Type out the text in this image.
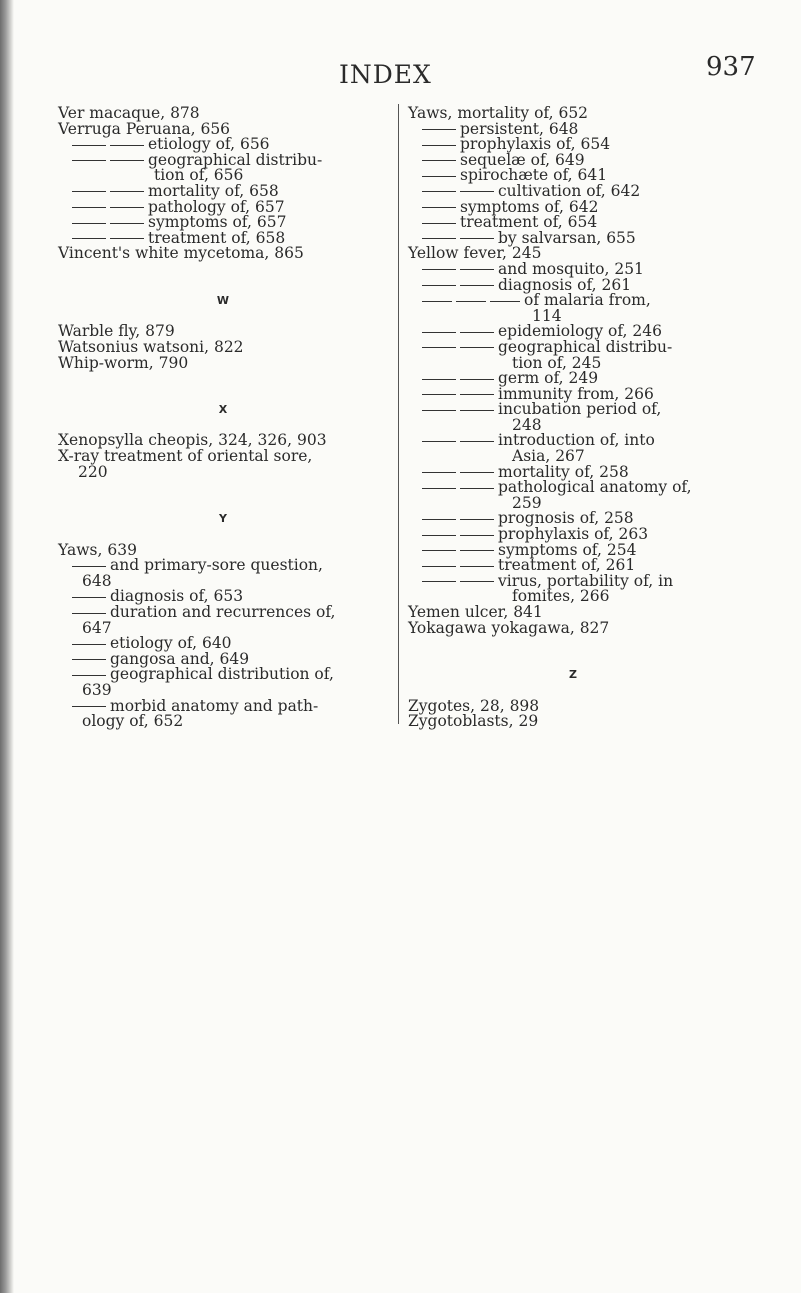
INDEX	937
Ver macaque, 878
Verruga Peruana, 656
etiology of, 656
geographical distribu-
tion of, 656
mortality of, 658
pathology of, 657
symptoms of, 657
treatment of, 658
Vincent's white mycetoma, 865
W
Warble fly, 879
Watsonius watsoni, 822
Whip-worm, 790
X
Xenopsylla cheopis, 324, 326, 903
X-ray treatment of oriental sore,
220
Y
Yaws, 639
and primary-sore question,
648
diagnosis of, 653
duration and recurrences of,
647
etiology of, 640
gangosa and, 649
geographical distribution of,
639
morbid anatomy and path-
ology of, 652
Yaws, mortality of, 652
persistent, 648
prophylaxis of, 654
sequelæ of, 649
spirochæte of, 641
cultivation of, 642
symptoms of, 642
treatment of, 654
by salvarsan, 655
Yellow fever, 245
and mosquito, 251
diagnosis of, 261
of malaria from,
114
epidemiology of, 246
geographical distribu-
tion of, 245
germ of, 249
immunity from, 266
incubation period of,
248
introduction of, into
Asia, 267
mortality of, 258
pathological anatomy of,
259
prognosis of, 258
prophylaxis of, 263
symptoms of, 254
treatment of, 261
virus, portability of, in
fomites, 266
Yemen ulcer, 841
Yokagawa yokagawa, 827
Z
Zygotes, 28, 898
Zygotoblasts, 29
